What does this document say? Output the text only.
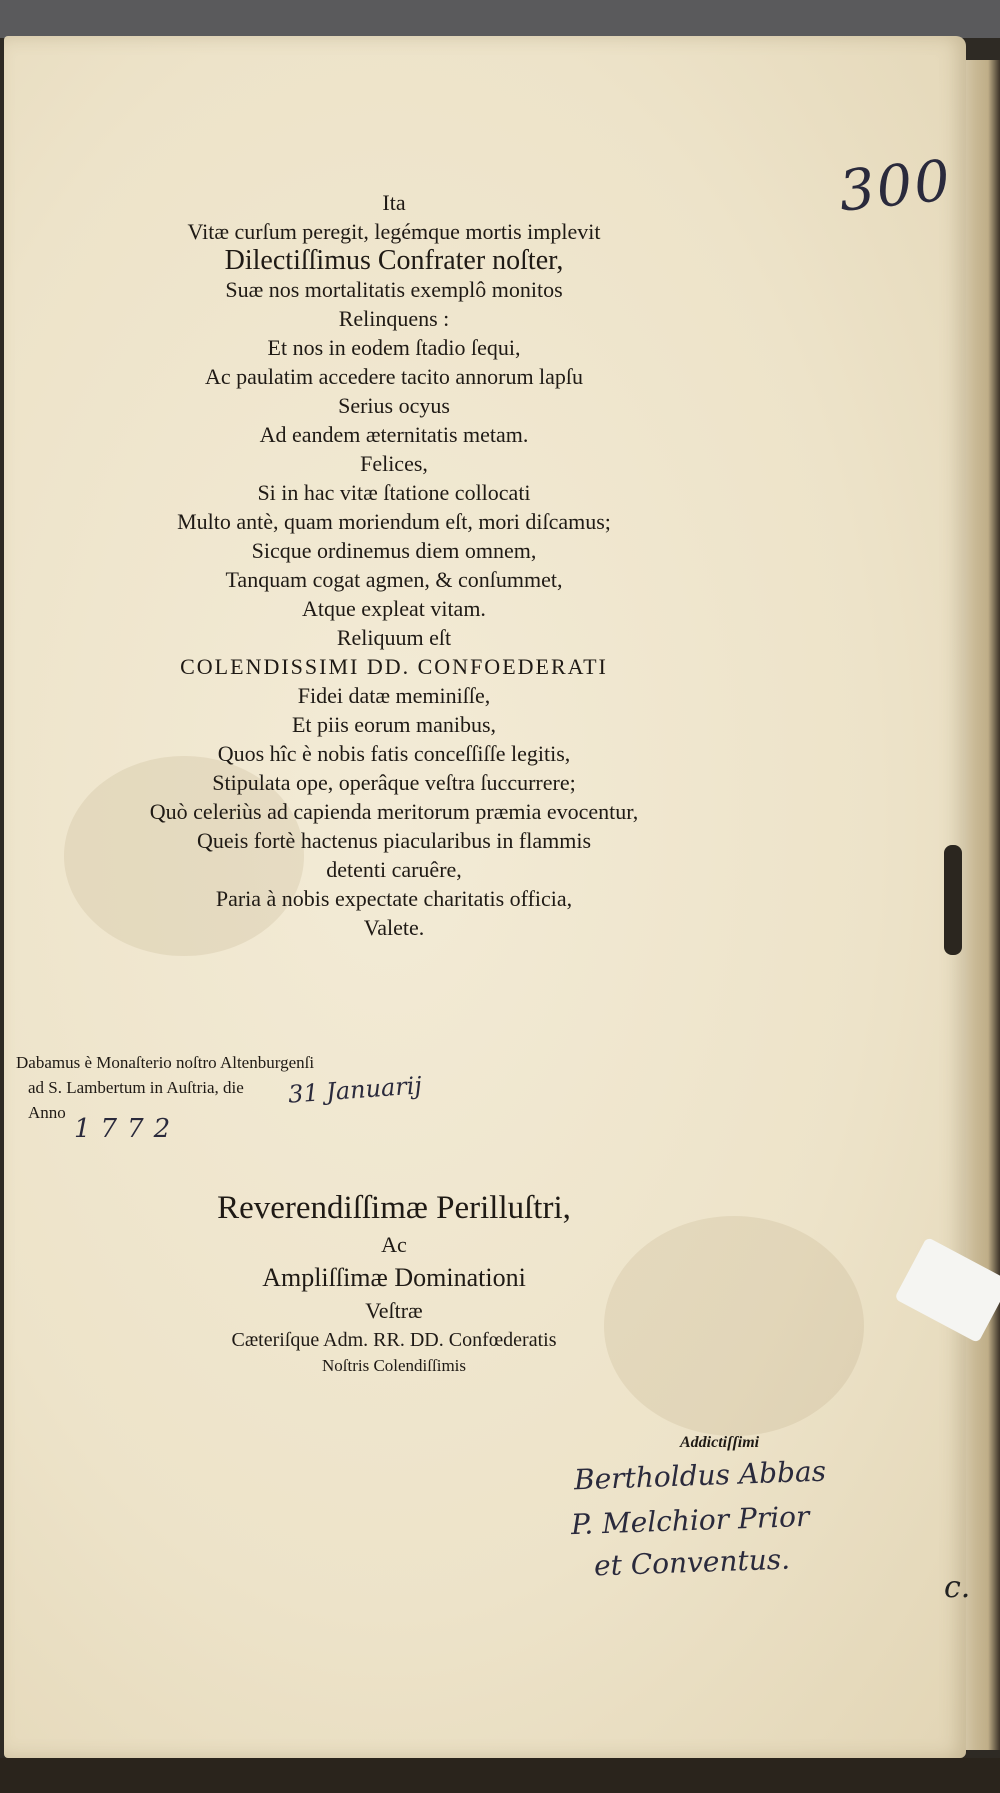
300
Ita
Vitæ curſum peregit, legémque mortis implevit
Dilectiſſimus Confrater noſter,
Suæ nos mortalitatis exemplô monitos
Relinquens :
Et nos in eodem ſtadio ſequi,
Ac paulatim accedere tacito annorum lapſu
Serius ocyus
Ad eandem æternitatis metam.
Felices,
Si in hac vitæ ſtatione collocati
Multo antè, quam moriendum eſt, mori diſcamus;
Sicque ordinemus diem omnem,
Tanquam cogat agmen, & conſummet,
Atque expleat vitam.
Reliquum eſt
COLENDISSIMI DD. CONFOEDERATI
Fidei datæ meminiſſe,
Et piis eorum manibus,
Quos hîc è nobis fatis conceſſiſſe legitis,
Stipulata ope, operâque veſtra ſuccurrere;
Quò celeriùs ad capienda meritorum præmia evocentur,
Queis fortè hactenus piacularibus in flammis
detenti caruêre,
Paria à nobis expectate charitatis officia,
Valete.
Dabamus è Monaſterio noſtro Altenburgenſi
ad S. Lambertum in Auſtria, die
Anno
31 Januarij
1772
Reverendiſſimæ Perilluſtri,
Ac
Ampliſſimæ Dominationi
Veſtræ
Cæteriſque Adm. RR. DD. Confœderatis
Noſtris Colendiſſimis
Addictiſſimi
Bertholdus Abbas
P. Melchior Prior
et Conventus.
c.
